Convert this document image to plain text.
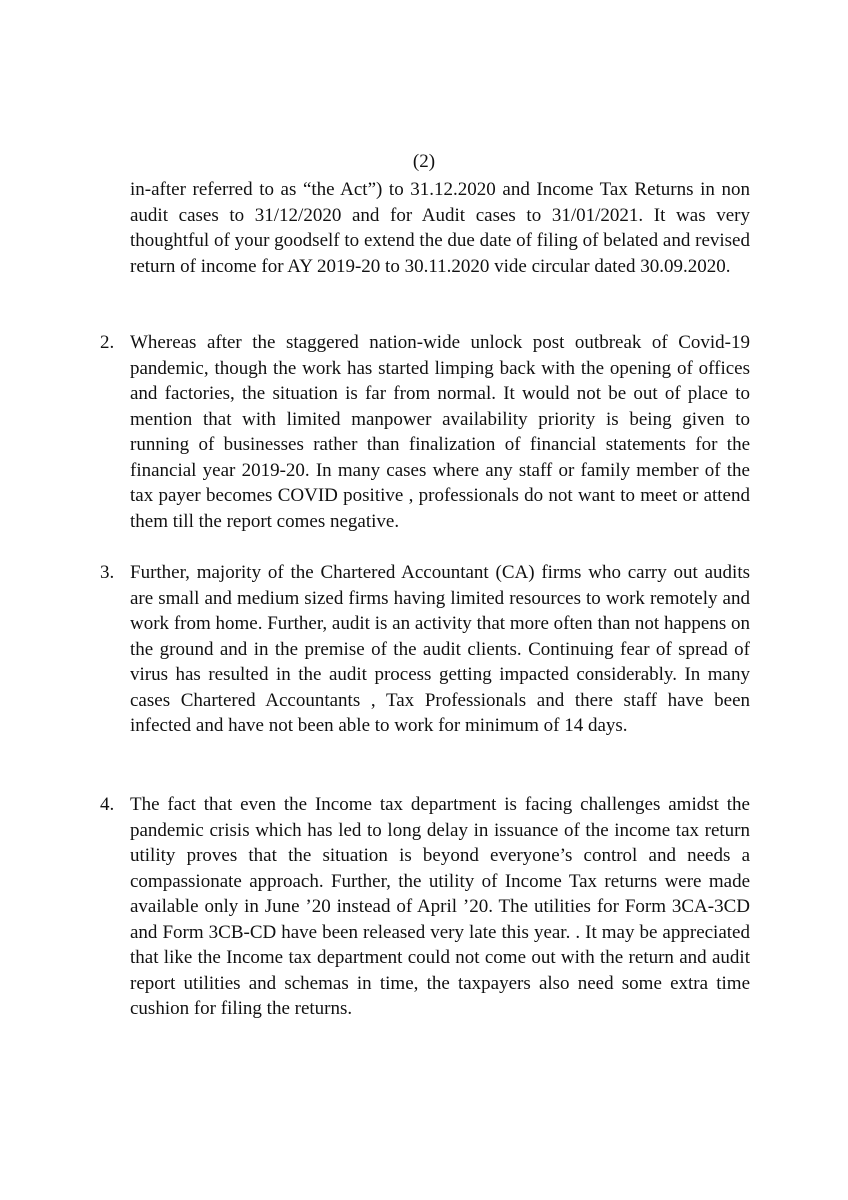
(2)

in-after referred to as “the Act”) to 31.12.2020 and Income Tax Returns in non audit cases to 31/12/2020 and for Audit cases to 31/01/2021. It was very thoughtful of your goodself to extend the due date of filing of belated and revised return of income for AY 2019-20 to 30.11.2020 vide circular dated 30.09.2020.

2. Whereas after the staggered nation-wide unlock post outbreak of Covid-19 pandemic, though the work has started limping back with the opening of offices and factories, the situation is far from normal. It would not be out of place to mention that with limited manpower availability priority is being given to running of businesses rather than finalization of financial statements for the financial year 2019-20. In many cases where any staff or family member of the tax payer becomes COVID positive , professionals do not want to meet or attend them till the report comes negative.
3. Further, majority of the Chartered Accountant (CA) firms who carry out audits are small and medium sized firms having limited resources to work remotely and work from home. Further, audit is an activity that more often than not happens on the ground and in the premise of the audit clients. Continuing fear of spread of virus has resulted in the audit process getting impacted considerably. In many cases Chartered Accountants , Tax Professionals and there staff have been infected and have not been able to work for minimum of 14 days.
4. The fact that even the Income tax department is facing challenges amidst the pandemic crisis which has led to long delay in issuance of the income tax return utility proves that the situation is beyond everyone’s control and needs a compassionate approach. Further, the utility of Income Tax returns were made available only in June ’20 instead of April ’20. The utilities for Form 3CA-3CD and Form 3CB-CD have been released very late this year. . It may be appreciated that like the Income tax department could not come out with the return and audit report utilities and schemas in time, the taxpayers also need some extra time cushion for filing the returns.
